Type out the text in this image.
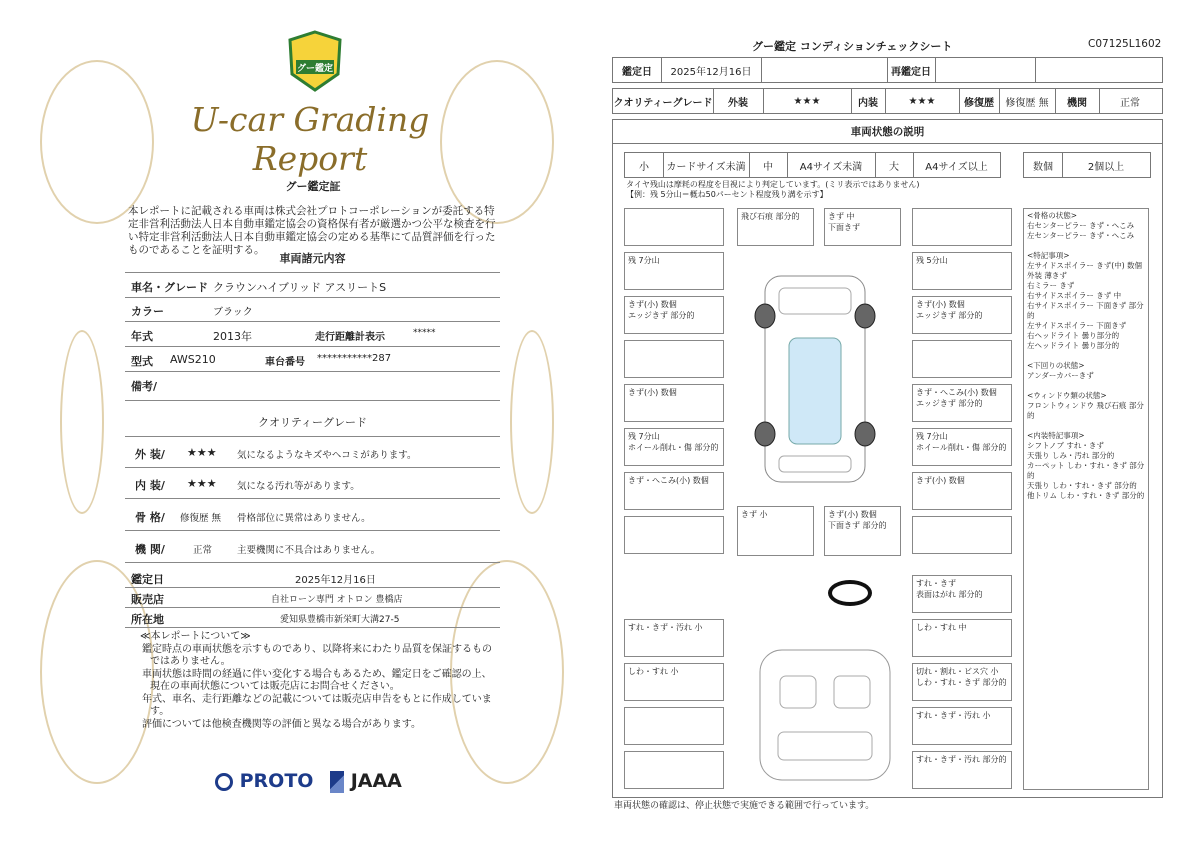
グー鑑定
U-car Grading Report
グー鑑定証
本レポートに記載される車両は株式会社プロトコーポレーションが委託する特定非営利活動法人日本自動車鑑定協会の資格保有者が厳選かつ公平な検査を行い特定非営利活動法人日本自動車鑑定協会の定める基準にて品質評価を行ったものであることを証明する。
車両諸元内容
車名・グレード クラウンハイブリッド アスリートS
カラー	ブラック
年式	2013年	走行距離計表示	*****
型式 AWS210	車台番号 ***********287
備考/
クオリティーグレード
外 装/ ★★★ 気になるようなキズやヘコミがあります。
内 装/ ★★★ 気になる汚れ等があります。
骨 格/ 修復歴 無 骨格部位に異常はありません。
機 関/	正常	主要機関に不具合はありません。
鑑定日	2025年12月16日
販売店	自社ローン専門 オトロン 豊橋店
所在地	愛知県豊橋市新栄町大溝27-5
≪本レポートについて≫
鑑定時点の車両状態を示すものであり、以降将来にわたり品質を保証するものではありません。
車両状態は時間の経過に伴い変化する場合もあるため、鑑定日をご確認の上、現在の車両状態については販売店にお問合せください。
年式、車名、走行距離などの記載については販売店申告をもとに作成しています。
評価については他検査機関等の評価と異なる場合があります。
PROTO JAAA
グー鑑定 コンディションチェックシート	C07125L1602
鑑定日	2025年12月16日	再鑑定日
クオリティーグレード	外装	★★★	内装	★★★	修復歴	修復歴 無	機関	正常
車両状態の説明
小	カードサイズ未満	中	A4サイズ未満	大	A4サイズ以上	数個	2個以上
タイヤ残山は摩耗の程度を目視により判定しています。(ミリ表示ではありません)
【例：残 5分山＝概ね50パーセント程度残り溝を示す】
飛び石痕 部分的	きず 中
下面きず
残 7分山	残 5分山
きず(小) 数個
エッジきず 部分的
きず(小) 数個
エッジきず 部分的
きず(小) 数個	きず・へこみ(小) 数個
エッジきず 部分的
残 7分山
ホイール削れ・傷 部分的
残 7分山
ホイール削れ・傷 部分的
きず・へこみ(小) 数個	きず(小) 数個
きず 小	きず(小) 数個
下面きず 部分的
すれ・きず
表面はがれ 部分的
すれ・きず・汚れ 小	しわ・すれ 中
しわ・すれ 小	切れ・割れ・ビス穴 小
しわ・すれ・きず 部分的
すれ・きず・汚れ 小
すれ・きず・汚れ 部分的
<骨格の状態>
右センターピラー きず・へこみ
左センターピラー きず・へこみ

<特記事項>
左サイドスポイラー きず(中) 数個
外装 薄きず
右ミラー きず
右サイドスポイラー きず 中
右サイドスポイラー 下面きず 部分的
左サイドスポイラー 下面きず
右ヘッドライト 曇り部分的
左ヘッドライト 曇り部分的

<下回りの状態>
アンダーカバーきず

<ウィンドウ類の状態>
フロントウィンドウ 飛び石痕 部分的

<内装特記事項>
シフトノブ すれ・きず
天張り しみ・汚れ 部分的
カーペット しわ・すれ・きず 部分的
天張り しわ・すれ・きず 部分的
他トリム しわ・すれ・きず 部分的
車両状態の確認は、停止状態で実施できる範囲で行っています。
